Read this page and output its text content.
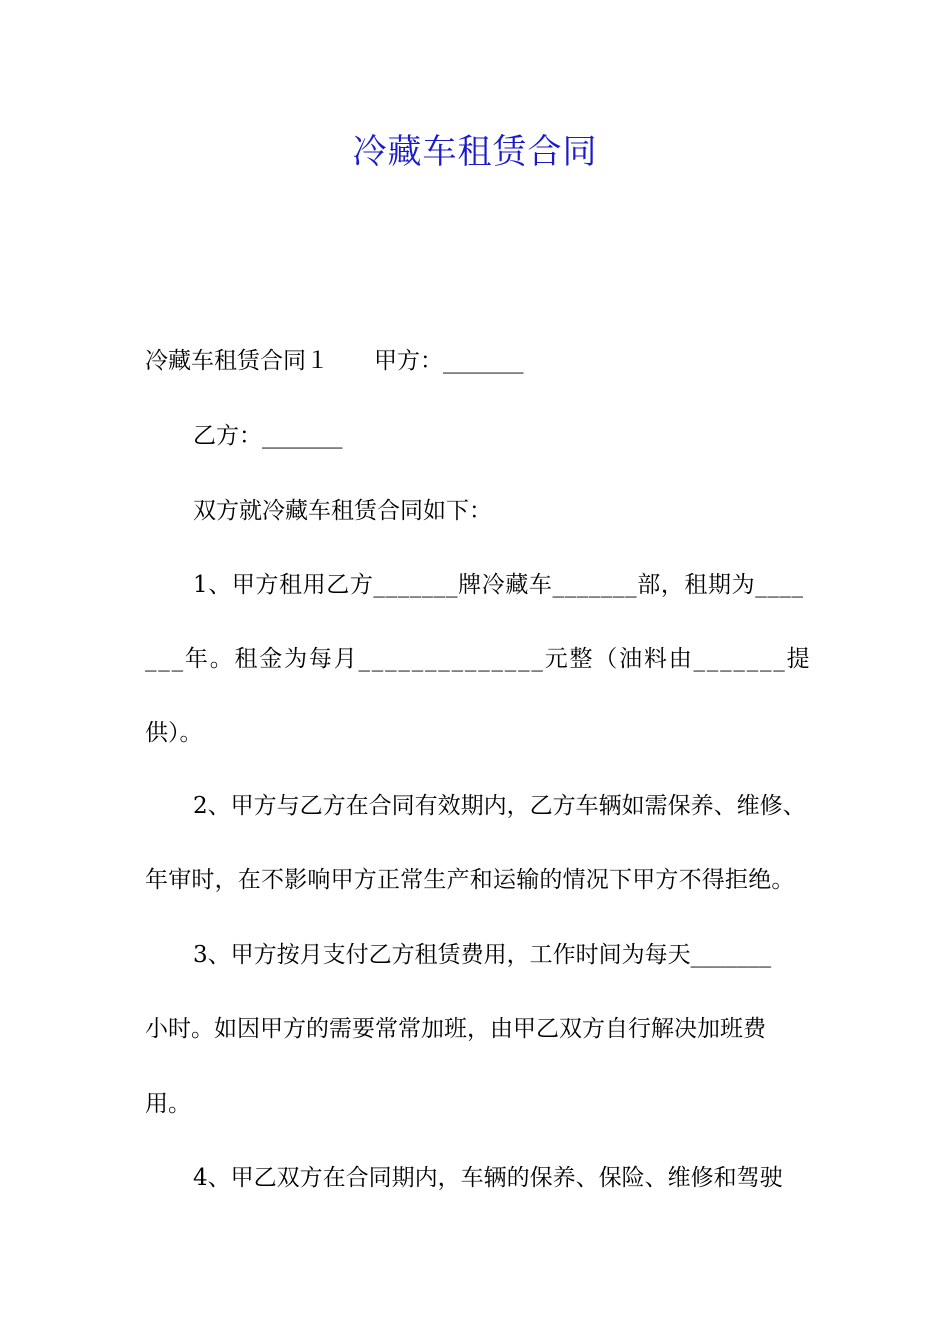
冷藏车租赁合同
冷藏车租赁合同１ 甲方：_______
乙方：_______
双方就冷藏车租赁合同如下：
1、甲方租用乙方_______牌冷藏车_______部，租期为____
___年。租金为每月______________元整（油料由_______提
供）。
2、甲方与乙方在合同有效期内，乙方车辆如需保养、维修、
年审时，在不影响甲方正常生产和运输的情况下甲方不得拒绝。
3、甲方按月支付乙方租赁费用，工作时间为每天_______
小时。如因甲方的需要常常加班，由甲乙双方自行解决加班费
用。
4、甲乙双方在合同期内，车辆的保养、保险、维修和驾驶
